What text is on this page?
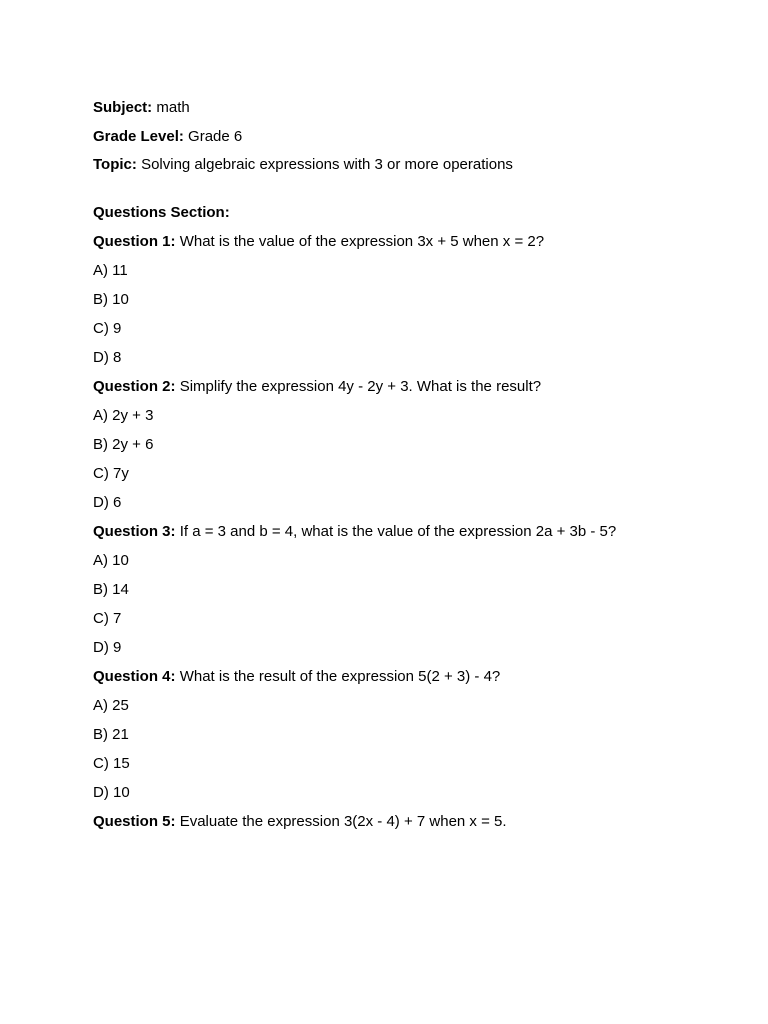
Subject: math
Grade Level: Grade 6
Topic: Solving algebraic expressions with 3 or more operations
Questions Section:
Question 1: What is the value of the expression 3x + 5 when x = 2?
A) 11
B) 10
C) 9
D) 8
Question 2: Simplify the expression 4y - 2y + 3. What is the result?
A) 2y + 3
B) 2y + 6
C) 7y
D) 6
Question 3: If a = 3 and b = 4, what is the value of the expression 2a + 3b - 5?
A) 10
B) 14
C) 7
D) 9
Question 4: What is the result of the expression 5(2 + 3) - 4?
A) 25
B) 21
C) 15
D) 10
Question 5: Evaluate the expression 3(2x - 4) + 7 when x = 5.
